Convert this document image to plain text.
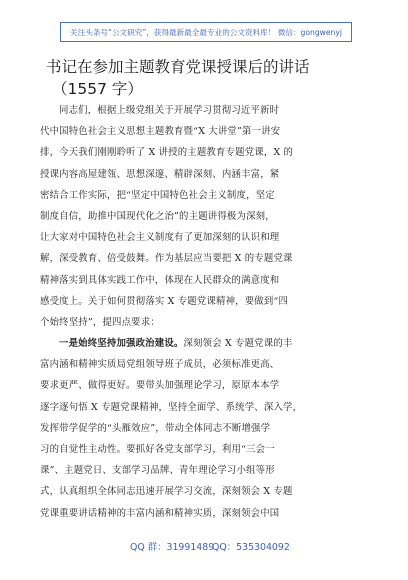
关注头条号“公文研究”，获得最新最全最专业的公文资料库！ 微信：gongwenyj
书记在参加主题教育党课授课后的讲话
（1557 字）
同志们，根据上级党组关于开展学习贯彻习近平新时
代中国特色社会主义思想主题教育暨“X 大讲堂”第一讲安
排，今天我们刚刚聆听了 X 讲授的主题教育专题党课，X 的
授课内容高屋建瓴、思想深邃、精辟深刻、内涵丰富，紧
密结合工作实际，把“坚定中国特色社会主义制度，坚定
制度自信，助推中国现代化之治”的主题讲得极为深刻，
让大家对中国特色社会主义制度有了更加深刻的认识和理
解，深受教育、倍受鼓舞。作为基层应当要把 X 的专题党课
精神落实到具体实践工作中，体现在人民群众的满意度和
感受度上。关于如何贯彻落实 X 专题党课精神，要做到“四
个始终坚持”，提四点要求：
一是始终坚持加强政治建设。深刻领会 X 专题党课的丰
富内涵和精神实质局党组领导班子成员，必须标准更高、
要求更严、做得更好。要带头加强理论学习，原原本本学
逐字逐句悟 X 专题党课精神，坚持全面学、系统学、深入学，
发挥带学促学的“头雁效应”，带动全体同志不断增强学
习的自觉性主动性。要抓好各党支部学习，利用“三会一
课”、主题党日、支部学习品牌、青年理论学习小组等形
式，认真组织全体同志迅速开展学习交流，深刻领会 X 专题
党课重要讲话精神的丰富内涵和精神实质，深刻领会中国
QQ 群：31991489
QQ：535304092
